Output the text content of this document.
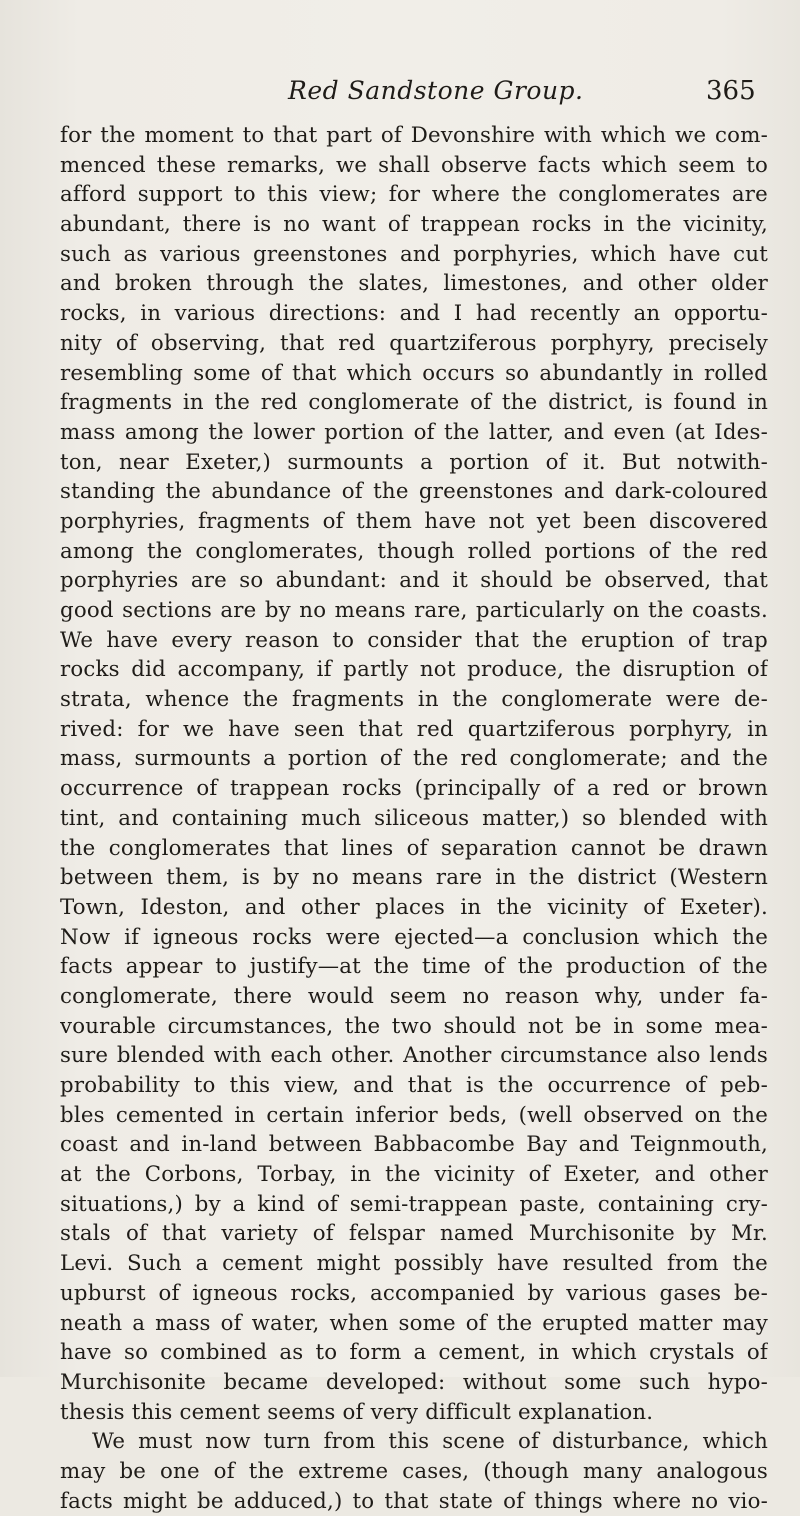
Red Sandstone Group.	365
for the moment to that part of Devonshire with which we com-
menced these remarks, we shall observe facts which seem to
afford support to this view; for where the conglomerates are
abundant, there is no want of trappean rocks in the vicinity,
such as various greenstones and porphyries, which have cut
and broken through the slates, limestones, and other older
rocks, in various directions: and I had recently an opportu-
nity of observing, that red quartziferous porphyry, precisely
resembling some of that which occurs so abundantly in rolled
fragments in the red conglomerate of the district, is found in
mass among the lower portion of the latter, and even (at Ides-
ton, near Exeter,) surmounts a portion of it. But notwith-
standing the abundance of the greenstones and dark-coloured
porphyries, fragments of them have not yet been discovered
among the conglomerates, though rolled portions of the red
porphyries are so abundant: and it should be observed, that
good sections are by no means rare, particularly on the coasts.
We have every reason to consider that the eruption of trap
rocks did accompany, if partly not produce, the disruption of
strata, whence the fragments in the conglomerate were de-
rived: for we have seen that red quartziferous porphyry, in
mass, surmounts a portion of the red conglomerate; and the
occurrence of trappean rocks (principally of a red or brown
tint, and containing much siliceous matter,) so blended with
the conglomerates that lines of separation cannot be drawn
between them, is by no means rare in the district (Western
Town, Ideston, and other places in the vicinity of Exeter).
Now if igneous rocks were ejected—a conclusion which the
facts appear to justify—at the time of the production of the
conglomerate, there would seem no reason why, under fa-
vourable circumstances, the two should not be in some mea-
sure blended with each other. Another circumstance also lends
probability to this view, and that is the occurrence of peb-
bles cemented in certain inferior beds, (well observed on the
coast and in-land between Babbacombe Bay and Teignmouth,
at the Corbons, Torbay, in the vicinity of Exeter, and other
situations,) by a kind of semi-trappean paste, containing cry-
stals of that variety of felspar named Murchisonite by Mr.
Levi. Such a cement might possibly have resulted from the
upburst of igneous rocks, accompanied by various gases be-
neath a mass of water, when some of the erupted matter may
have so combined as to form a cement, in which crystals of
Murchisonite became developed: without some such hypo-
thesis this cement seems of very difficult explanation.
We must now turn from this scene of disturbance, which
may be one of the extreme cases, (though many analogous
facts might be adduced,) to that state of things where no vio-
